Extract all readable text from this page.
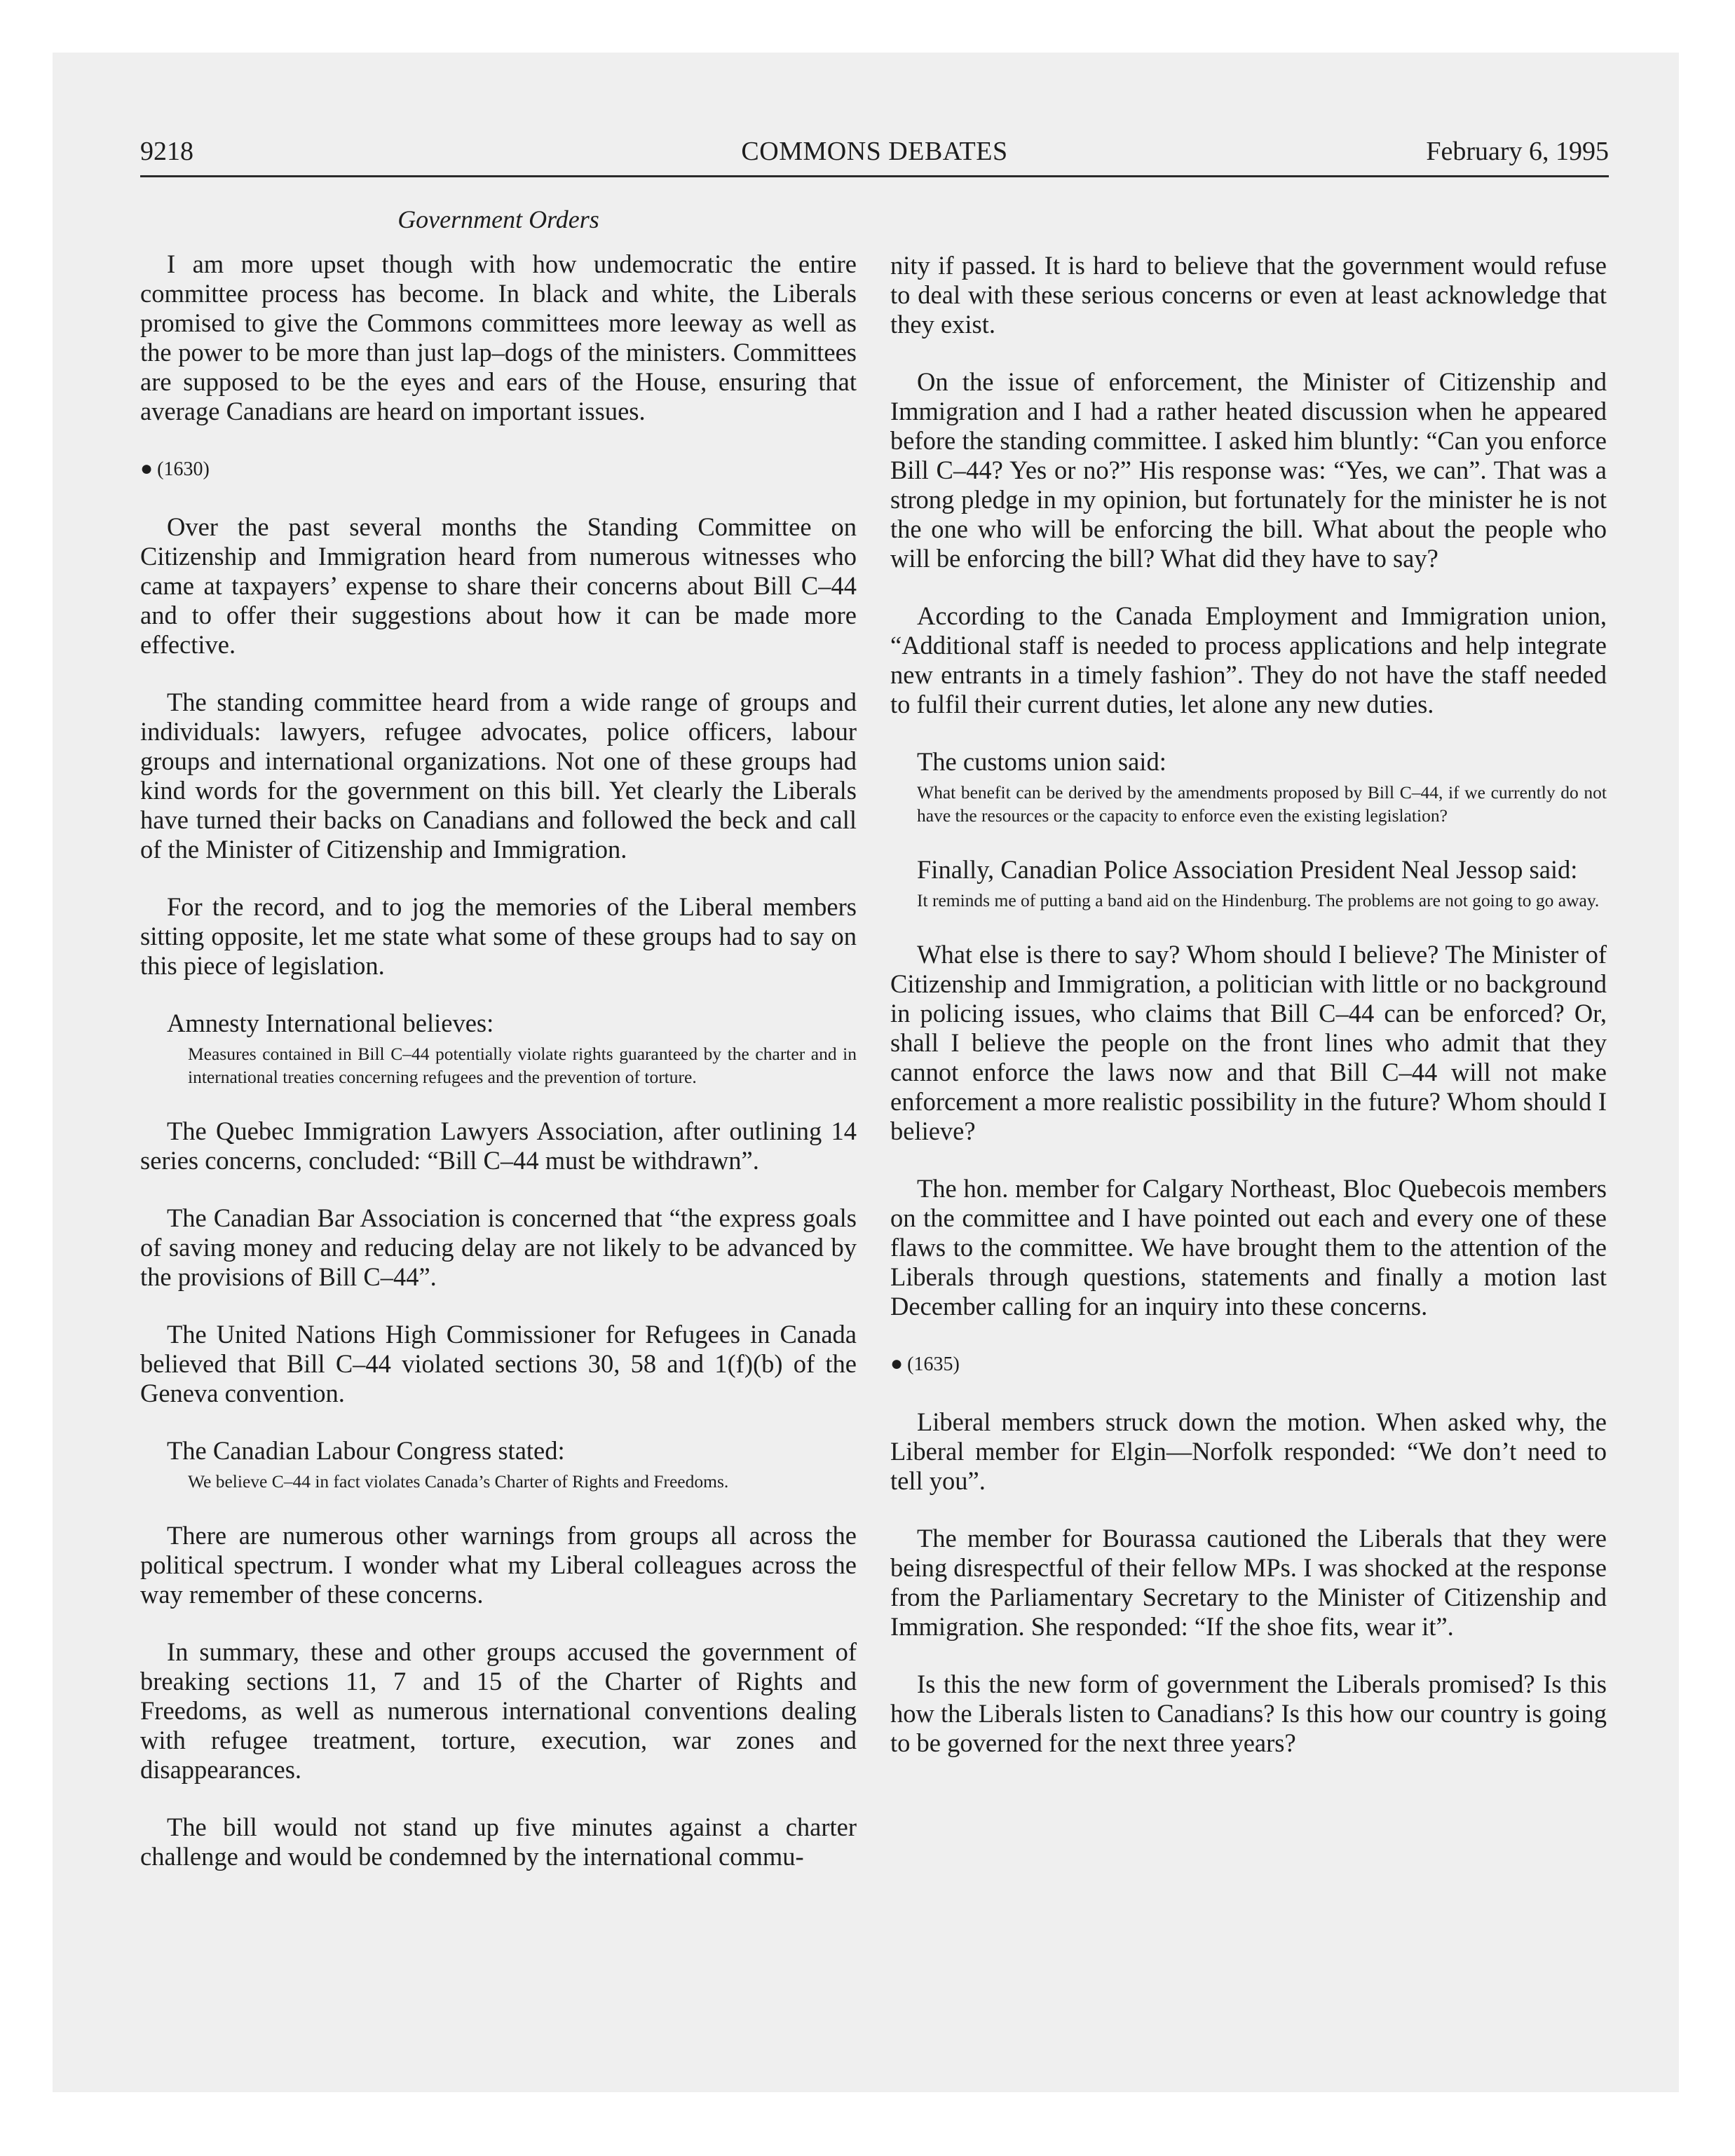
9218	COMMONS DEBATES	February 6, 1995
Government Orders

I am more upset though with how undemocratic the entire committee process has become. In black and white, the Liberals promised to give the Commons committees more leeway as well as the power to be more than just lap–dogs of the ministers. Committees are supposed to be the eyes and ears of the House, ensuring that average Canadians are heard on important issues.

● (1630)

Over the past several months the Standing Committee on Citizenship and Immigration heard from numerous witnesses who came at taxpayers’ expense to share their concerns about Bill C–44 and to offer their suggestions about how it can be made more effective.

The standing committee heard from a wide range of groups and individuals: lawyers, refugee advocates, police officers, labour groups and international organizations. Not one of these groups had kind words for the government on this bill. Yet clearly the Liberals have turned their backs on Canadians and followed the beck and call of the Minister of Citizenship and Immigration.

For the record, and to jog the memories of the Liberal members sitting opposite, let me state what some of these groups had to say on this piece of legislation.

Amnesty International believes:

Measures contained in Bill C–44 potentially violate rights guaranteed by the charter and in international treaties concerning refugees and the prevention of torture.

The Quebec Immigration Lawyers Association, after outlining 14 series concerns, concluded: “Bill C–44 must be withdrawn”.

The Canadian Bar Association is concerned that “the express goals of saving money and reducing delay are not likely to be advanced by the provisions of Bill C–44”.

The United Nations High Commissioner for Refugees in Canada believed that Bill C–44 violated sections 30, 58 and 1(f)(b) of the Geneva convention.

The Canadian Labour Congress stated:

We believe C–44 in fact violates Canada’s Charter of Rights and Freedoms.

There are numerous other warnings from groups all across the political spectrum. I wonder what my Liberal colleagues across the way remember of these concerns.

In summary, these and other groups accused the government of breaking sections 11, 7 and 15 of the Charter of Rights and Freedoms, as well as numerous international conventions dealing with refugee treatment, torture, execution, war zones and disappearances.

The bill would not stand up five minutes against a charter challenge and would be condemned by the international commu-

nity if passed. It is hard to believe that the government would refuse to deal with these serious concerns or even at least acknowledge that they exist.

On the issue of enforcement, the Minister of Citizenship and Immigration and I had a rather heated discussion when he appeared before the standing committee. I asked him bluntly: “Can you enforce Bill C–44? Yes or no?” His response was: “Yes, we can”. That was a strong pledge in my opinion, but fortunately for the minister he is not the one who will be enforcing the bill. What about the people who will be enforcing the bill? What did they have to say?

According to the Canada Employment and Immigration union, “Additional staff is needed to process applications and help integrate new entrants in a timely fashion”. They do not have the staff needed to fulfil their current duties, let alone any new duties.

The customs union said:

What benefit can be derived by the amendments proposed by Bill C–44, if we currently do not have the resources or the capacity to enforce even the existing legislation?

Finally, Canadian Police Association President Neal Jessop said:

It reminds me of putting a band aid on the Hindenburg. The problems are not going to go away.

What else is there to say? Whom should I believe? The Minister of Citizenship and Immigration, a politician with little or no background in policing issues, who claims that Bill C–44 can be enforced? Or, shall I believe the people on the front lines who admit that they cannot enforce the laws now and that Bill C–44 will not make enforcement a more realistic possibility in the future? Whom should I believe?

The hon. member for Calgary Northeast, Bloc Quebecois members on the committee and I have pointed out each and every one of these flaws to the committee. We have brought them to the attention of the Liberals through questions, statements and finally a motion last December calling for an inquiry into these concerns.

● (1635)

Liberal members struck down the motion. When asked why, the Liberal member for Elgin—Norfolk responded: “We don’t need to tell you”.

The member for Bourassa cautioned the Liberals that they were being disrespectful of their fellow MPs. I was shocked at the response from the Parliamentary Secretary to the Minister of Citizenship and Immigration. She responded: “If the shoe fits, wear it”.

Is this the new form of government the Liberals promised? Is this how the Liberals listen to Canadians? Is this how our country is going to be governed for the next three years?
